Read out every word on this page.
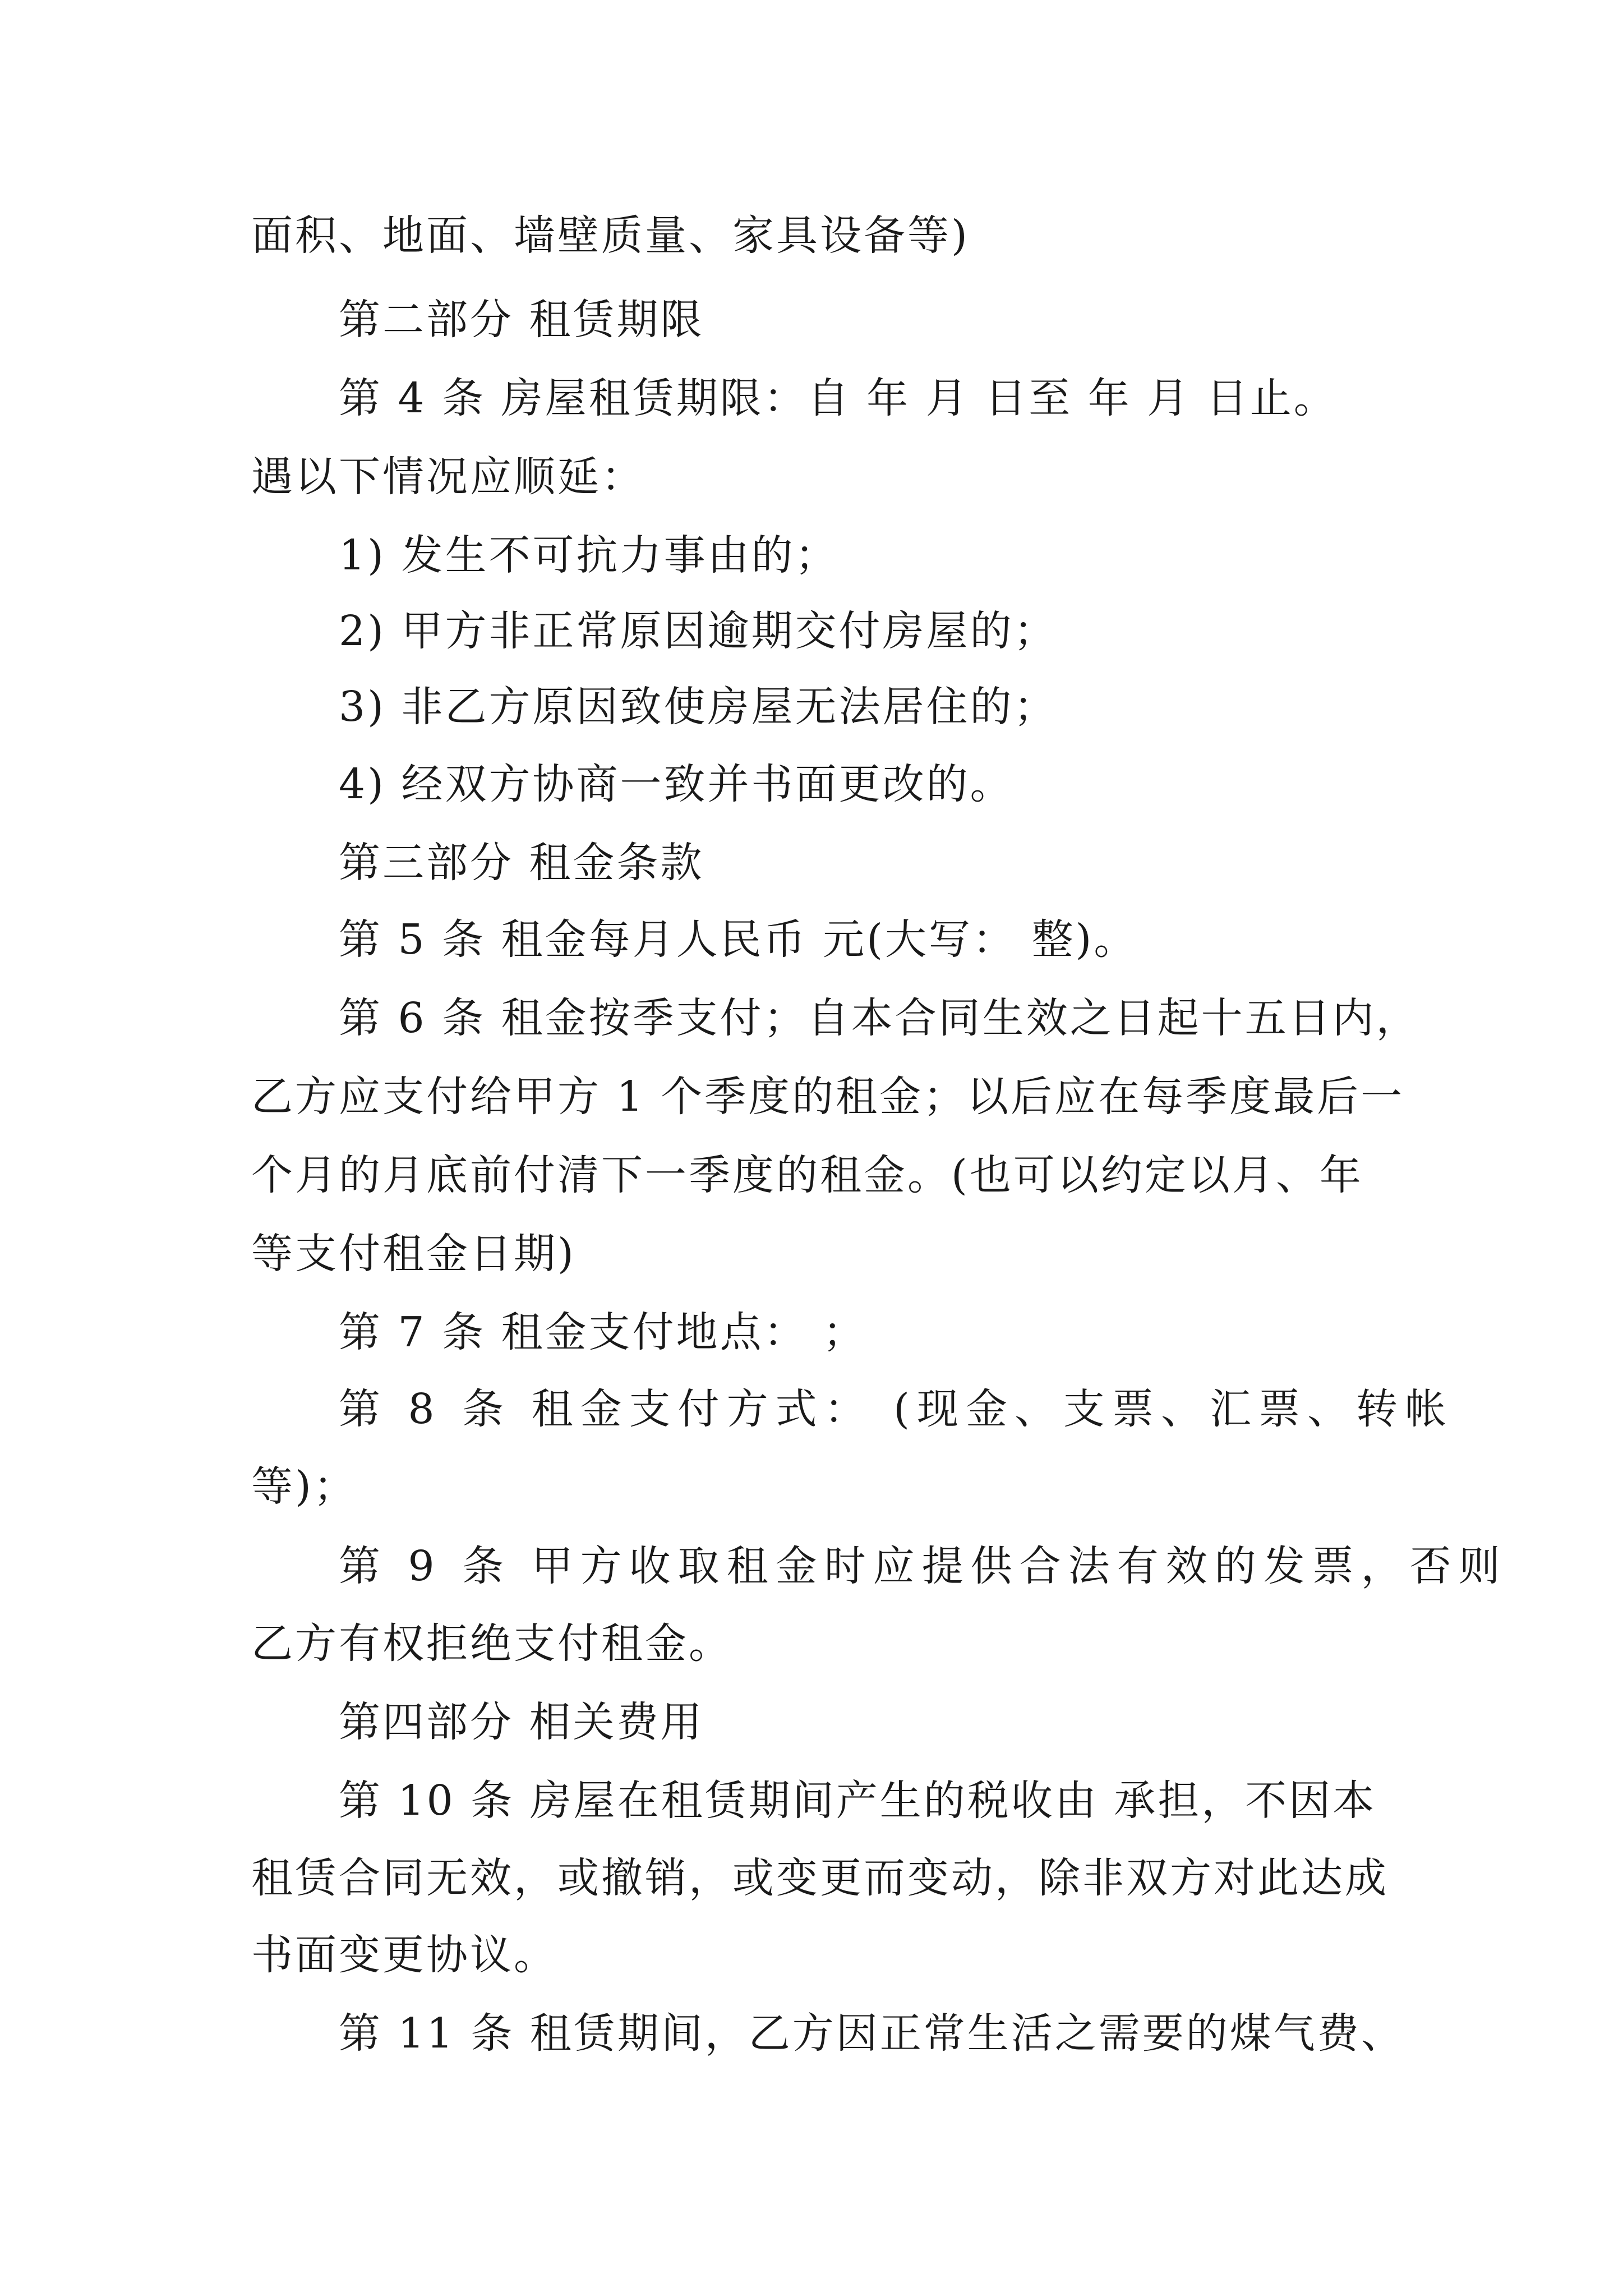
面积、地面、墙壁质量、家具设备等)
第二部分 租赁期限
第 4 条 房屋租赁期限：自 年 月 日至 年 月 日止。
遇以下情况应顺延：
1) 发生不可抗力事由的；
2) 甲方非正常原因逾期交付房屋的；
3) 非乙方原因致使房屋无法居住的；
4) 经双方协商一致并书面更改的。
第三部分 租金条款
第 5 条 租金每月人民币 元(大写： 整)。
第 6 条 租金按季支付；自本合同生效之日起十五日内，
乙方应支付给甲方 1 个季度的租金；以后应在每季度最后一
个月的月底前付清下一季度的租金。(也可以约定以月、年
等支付租金日期)
第 7 条 租金支付地点： ；
第 8 条 租金支付方式： (现金、支票、汇票、转帐
等)；
第 9 条 甲方收取租金时应提供合法有效的发票，否则
乙方有权拒绝支付租金。
第四部分 相关费用
第 10 条 房屋在租赁期间产生的税收由 承担，不因本
租赁合同无效，或撤销，或变更而变动，除非双方对此达成
书面变更协议。
第 11 条 租赁期间，乙方因正常生活之需要的煤气费、
